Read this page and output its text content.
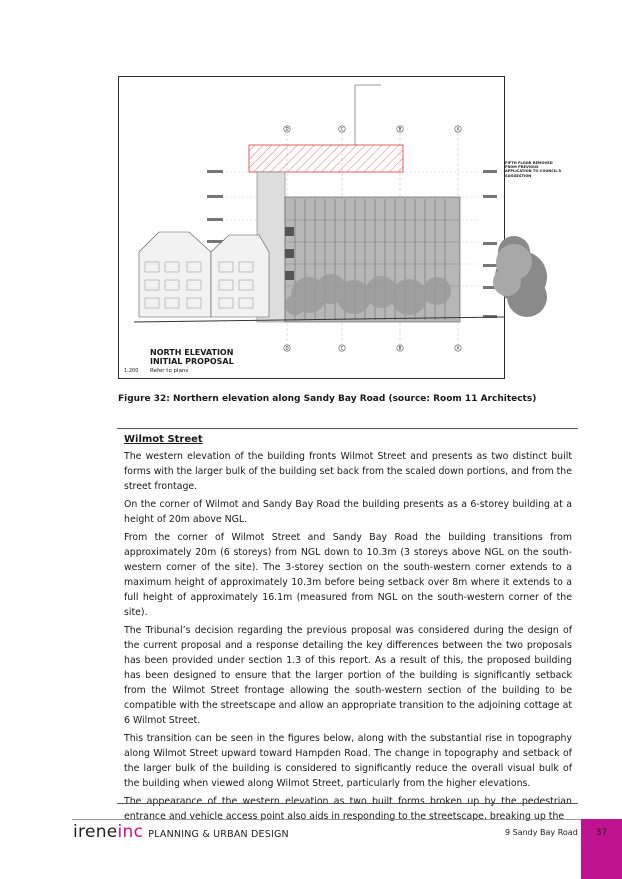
D	C	B	A
D	C	B	A
FIFTH FLOOR REMOVED FROM PREVIOUS APPLICATION TO COUNCIL'S SUGGESTION
NORTH ELEVATION
INITIAL PROPOSAL
1:200 Refer to plans
Figure 32: Northern elevation along Sandy Bay Road (source: Room 11 Architects)
Wilmot Street

The western elevation of the building fronts Wilmot Street and presents as two distinct built forms with the larger bulk of the building set back from the scaled down portions, and from the street frontage.

On the corner of Wilmot and Sandy Bay Road the building presents as a 6-storey building at a height of 20m above NGL.

From the corner of Wilmot Street and Sandy Bay Road the building transitions from approximately 20m (6 storeys) from NGL down to 10.3m (3 storeys above NGL on the south-western corner of the site). The 3-storey section on the south-western corner extends to a maximum height of approximately 10.3m before being setback over 8m where it extends to a full height of approximately 16.1m (measured from NGL on the south-western corner of the site).

The Tribunal’s decision regarding the previous proposal was considered during the design of the current proposal and a response detailing the key differences between the two proposals has been provided under section 1.3 of this report. As a result of this, the proposed building has been designed to ensure that the larger portion of the building is significantly setback from the Wilmot Street frontage allowing the south-western section of the building to be compatible with the streetscape and allow an appropriate transition to the adjoining cottage at 6 Wilmot Street.

This transition can be seen in the figures below, along with the substantial rise in topography along Wilmot Street upward toward Hampden Road. The change in topography and setback of the larger bulk of the building is considered to significantly reduce the overall visual bulk of the building when viewed along Wilmot Street, particularly from the higher elevations.

The appearance of the western elevation as two built forms broken up by the pedestrian entrance and vehicle access point also aids in responding to the streetscape, breaking up the

ireneinc PLANNING & URBAN DESIGN	9 Sandy Bay Road	37
